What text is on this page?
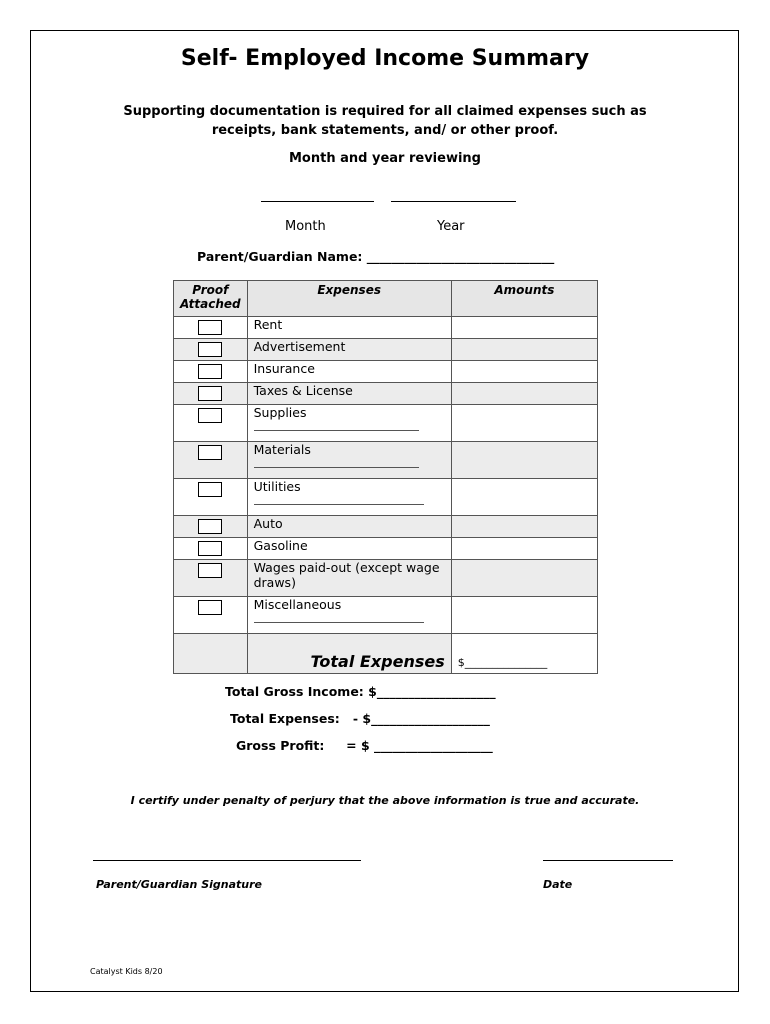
Self- Employed Income Summary
Supporting documentation is required for all claimed expenses such as
receipts, bank statements, and/ or other proof.
Month and year reviewing
Month	Year
Parent/Guardian Name: ______________________________
Proof
Attached	Expenses	Amounts
	Rent	
	Advertisement	
	Insurance	
	Taxes & License	

	Supplies	

	Materials	

	Utilities	

	Auto	
	Gasoline	

	Wages paid-out (except wage
draws)	

	Miscellaneous	

	Total Expenses	$_______________
Total Gross Income: $___________________
Total Expenses:   - $___________________
Gross Profit:     = $ ___________________
I certify under penalty of perjury that the above information is true and accurate.
Parent/Guardian Signature	Date
Catalyst Kids 8/20
